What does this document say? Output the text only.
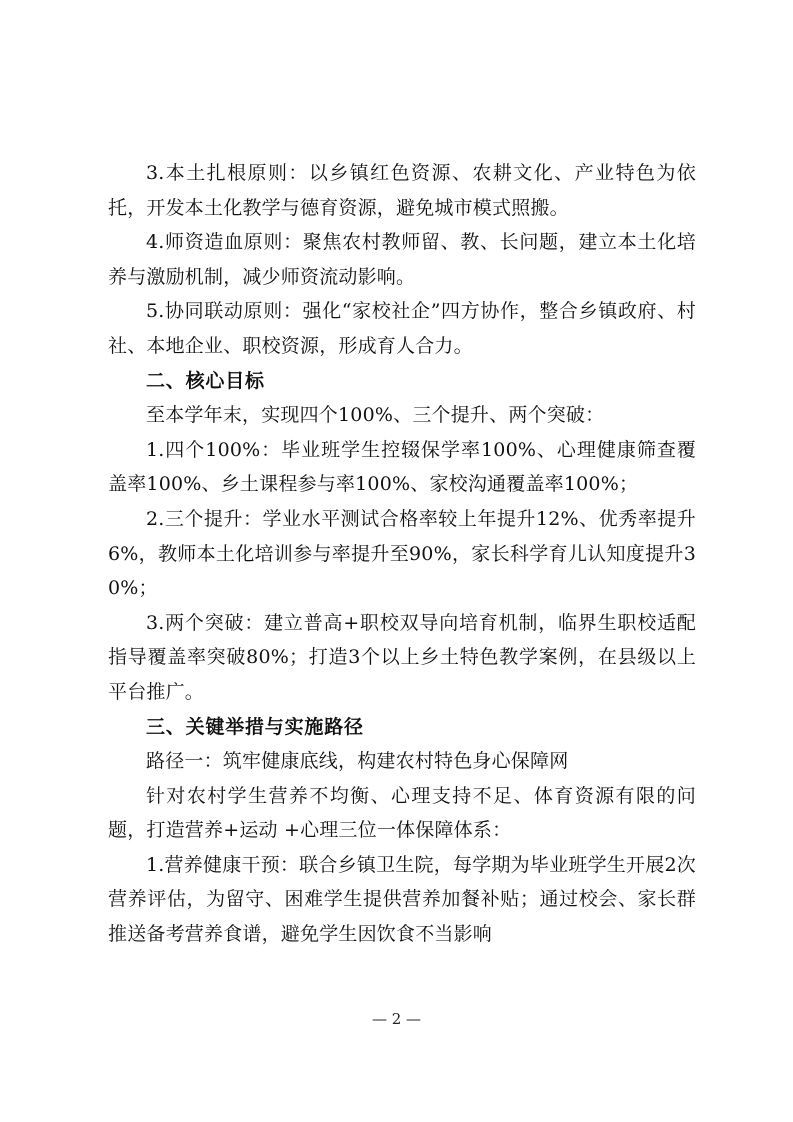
3.本土扎根原则：以乡镇红色资源、农耕文化、产业特色为依托，开发本土化教学与德育资源，避免城市模式照搬。

4.师资造血原则：聚焦农村教师留、教、长问题，建立本土化培养与激励机制，减少师资流动影响。

5.协同联动原则：强化“家校社企”四方协作，整合乡镇政府、村社、本地企业、职校资源，形成育人合力。

二、核心目标

至本学年末，实现四个100%、三个提升、两个突破：

1.四个100%：毕业班学生控辍保学率100%、心理健康筛查覆盖率100%、乡土课程参与率100%、家校沟通覆盖率100%；

2.三个提升：学业水平测试合格率较上年提升12%、优秀率提升6%，教师本土化培训参与率提升至90%，家长科学育儿认知度提升30%；

3.两个突破：建立普高+职校双导向培育机制，临界生职校适配指导覆盖率突破80%；打造3个以上乡土特色教学案例，在县级以上平台推广。

三、关键举措与实施路径

路径一：筑牢健康底线，构建农村特色身心保障网

针对农村学生营养不均衡、心理支持不足、体育资源有限的问题，打造营养+运动 +心理三位一体保障体系：

1.营养健康干预：联合乡镇卫生院，每学期为毕业班学生开展2次营养评估，为留守、困难学生提供营养加餐补贴；通过校会、家长群推送备考营养食谱，避免学生因饮食不当影响

— 2 —
